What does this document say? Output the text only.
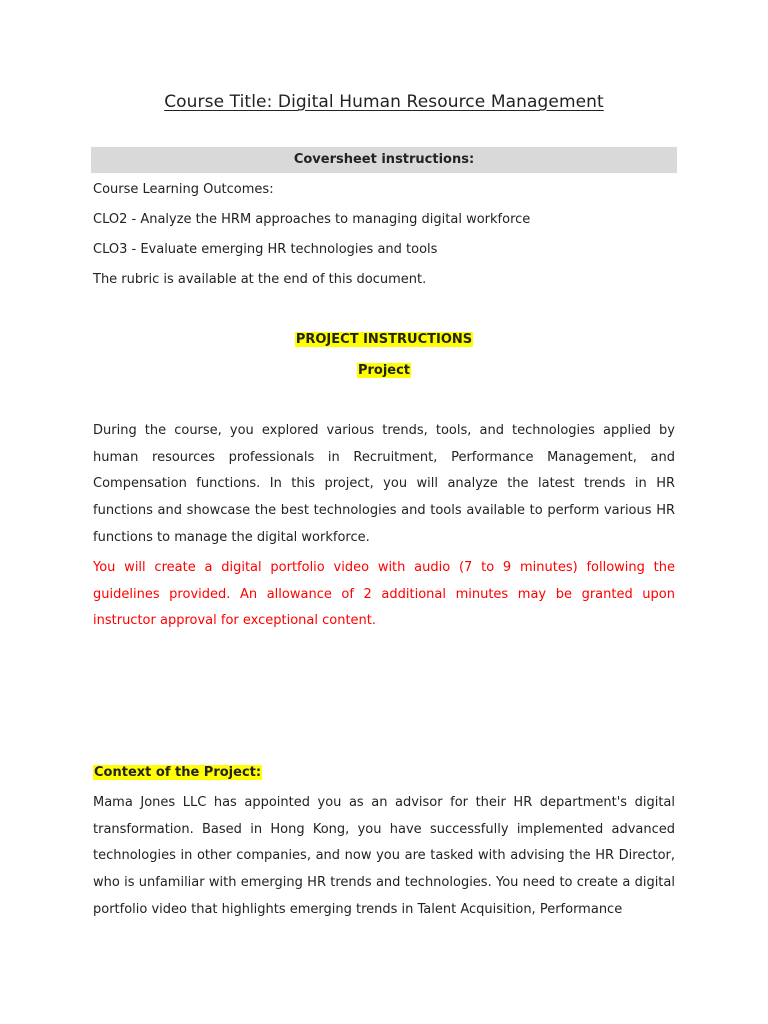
Course Title: Digital Human Resource Management
Coversheet instructions:
Course Learning Outcomes:
CLO2 - Analyze the HRM approaches to managing digital workforce
CLO3 - Evaluate emerging HR technologies and tools
The rubric is available at the end of this document.
PROJECT INSTRUCTIONS
Project
During the course, you explored various trends, tools, and technologies applied by human resources professionals in Recruitment, Performance Management, and Compensation functions. In this project, you will analyze the latest trends in HR functions and showcase the best technologies and tools available to perform various HR functions to manage the digital workforce.
You will create a digital portfolio video with audio (7 to 9 minutes) following the guidelines provided. An allowance of 2 additional minutes may be granted upon instructor approval for exceptional content.
Context of the Project:
Mama Jones LLC has appointed you as an advisor for their HR department's digital transformation. Based in Hong Kong, you have successfully implemented advanced technologies in other companies, and now you are tasked with advising the HR Director, who is unfamiliar with emerging HR trends and technologies. You need to create a digital portfolio video that highlights emerging trends in Talent Acquisition, Performance
